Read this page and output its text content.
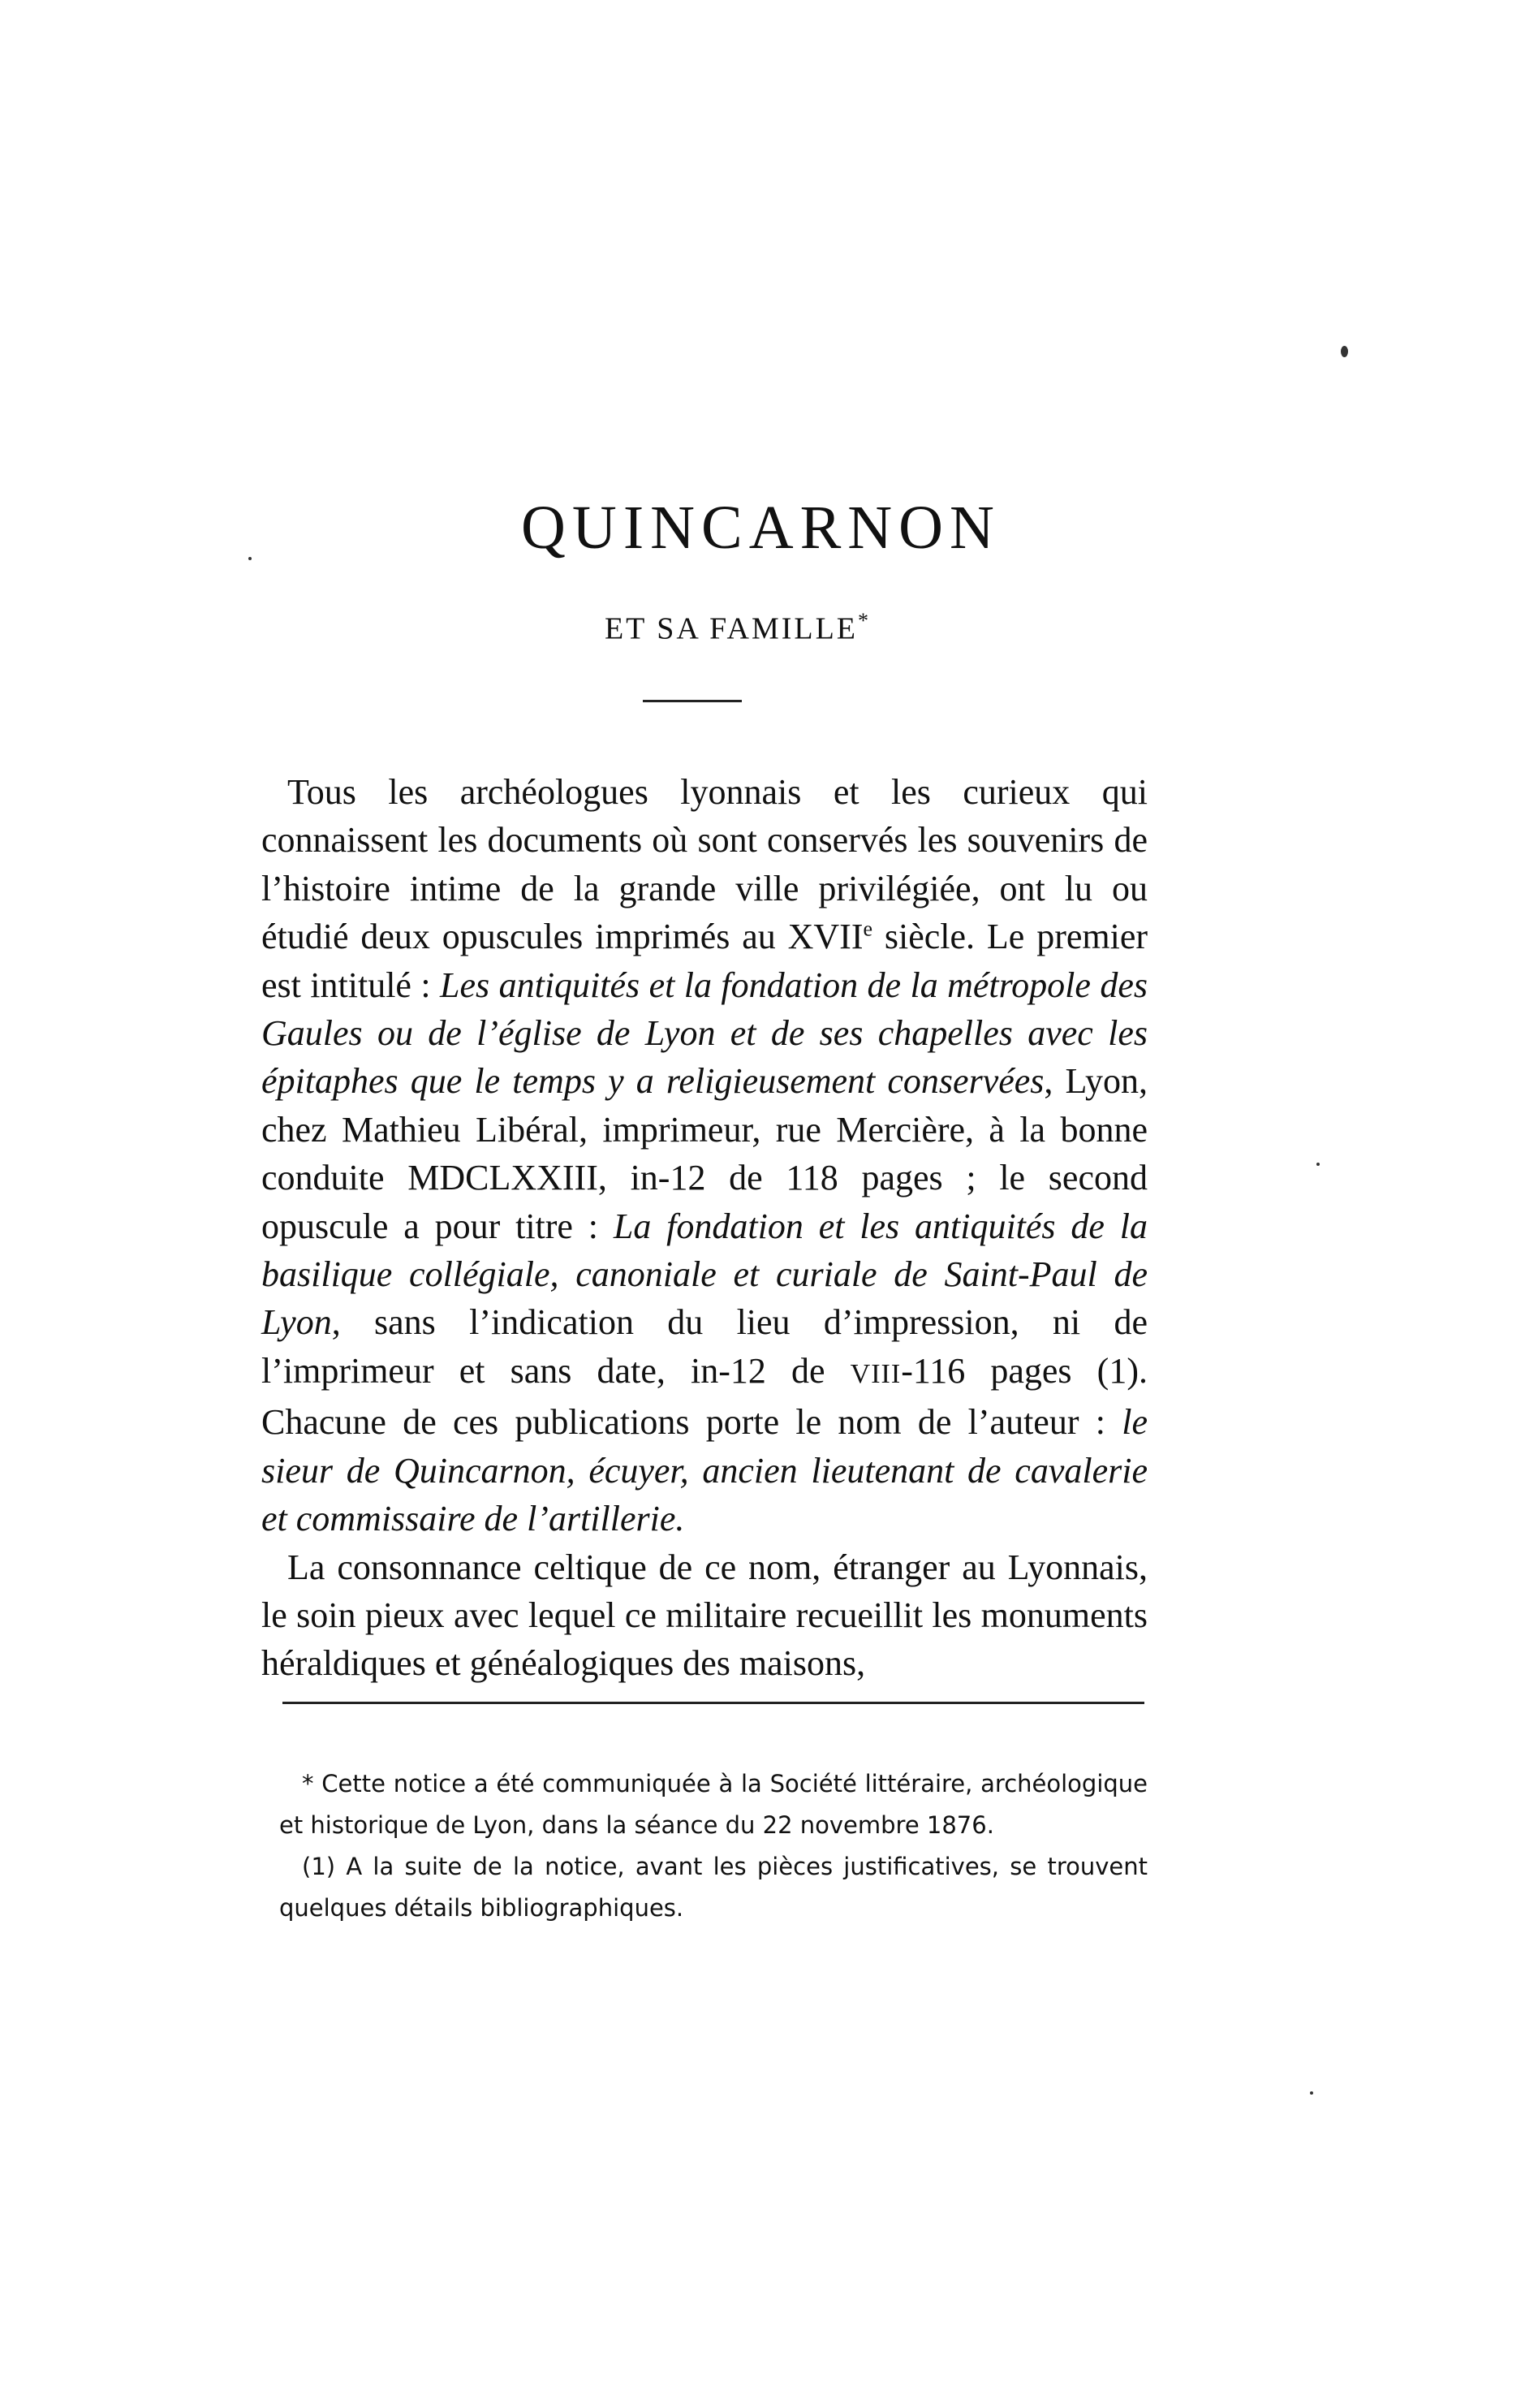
QUINCARNON
ET SA FAMILLE*

Tous les archéologues lyonnais et les curieux qui connaissent les documents où sont conservés les souvenirs de l’histoire intime de la grande ville privilégiée, ont lu ou étudié deux opuscules imprimés au XVIIe siècle. Le premier est intitulé : Les antiquités et la fondation de la métropole des Gaules ou de l’église de Lyon et de ses chapelles avec les épitaphes que le temps y a religieusement conservées, Lyon, chez Mathieu Libéral, imprimeur, rue Mercière, à la bonne conduite MDCLXXIII, in-12 de 118 pages ; le second opuscule a pour titre : La fondation et les antiquités de la basilique collégiale, canoniale et curiale de Saint-Paul de Lyon, sans l’indication du lieu d’impression, ni de l’imprimeur et sans date, in-12 de VIII-116 pages (1). Chacune de ces publications porte le nom de l’auteur : le sieur de Quincarnon, écuyer, ancien lieutenant de cavalerie et commissaire de l’artillerie.

La consonnance celtique de ce nom, étranger au Lyonnais, le soin pieux avec lequel ce militaire recueillit les monuments héraldiques et généalogiques des maisons,

* Cette notice a été communiquée à la Société littéraire, archéologique et historique de Lyon, dans la séance du 22 novembre 1876.

(1) A la suite de la notice, avant les pièces justificatives, se trouvent quelques détails bibliographiques.
